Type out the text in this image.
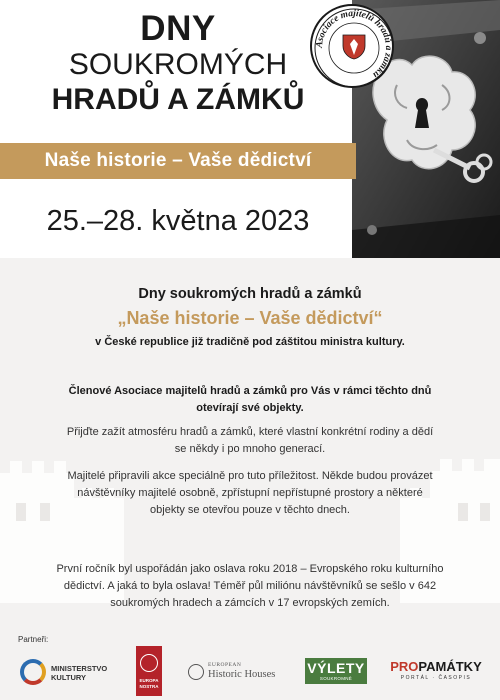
DNY
SOUKROMÝCH
HRADŮ A ZÁMKŮ
Asociace majitelů hradů a zámků
Naše historie – Vaše dědictví
25.–28. května 2023
Dny soukromých hradů a zámků
„Naše historie – Vaše dědictví“
v České republice již tradičně pod záštitou ministra kultury.
Členové Asociace majitelů hradů a zámků pro Vás v rámci těchto dnů otevírají své objekty.
Přijďte zažít atmosféru hradů a zámků, které vlastní konkrétní rodiny a dědí se někdy i po mnoho generací.
Majitelé připravili akce speciálně pro tuto příležitost. Někde budou provázet návštěvníky majitelé osobně, zpřístupní nepřístupné prostory a některé objekty se otevřou pouze v těchto dnech.
První ročník byl uspořádán jako oslava roku 2018 – Evropského roku kulturního dědictví. A jaká to byla oslava! Téměř půl miliónu návštěvníků se sešlo v 642 soukromých hradech a zámcích v 17 evropských zemích.
Partneři:
MINISTERSTVO KULTURY	EUROPA NOSTRA
EUROPEAN
Historic Houses VÝLETY
SOUKROMNĚ
PROPAMÁTKY
PORTÁL · ČASOPIS
